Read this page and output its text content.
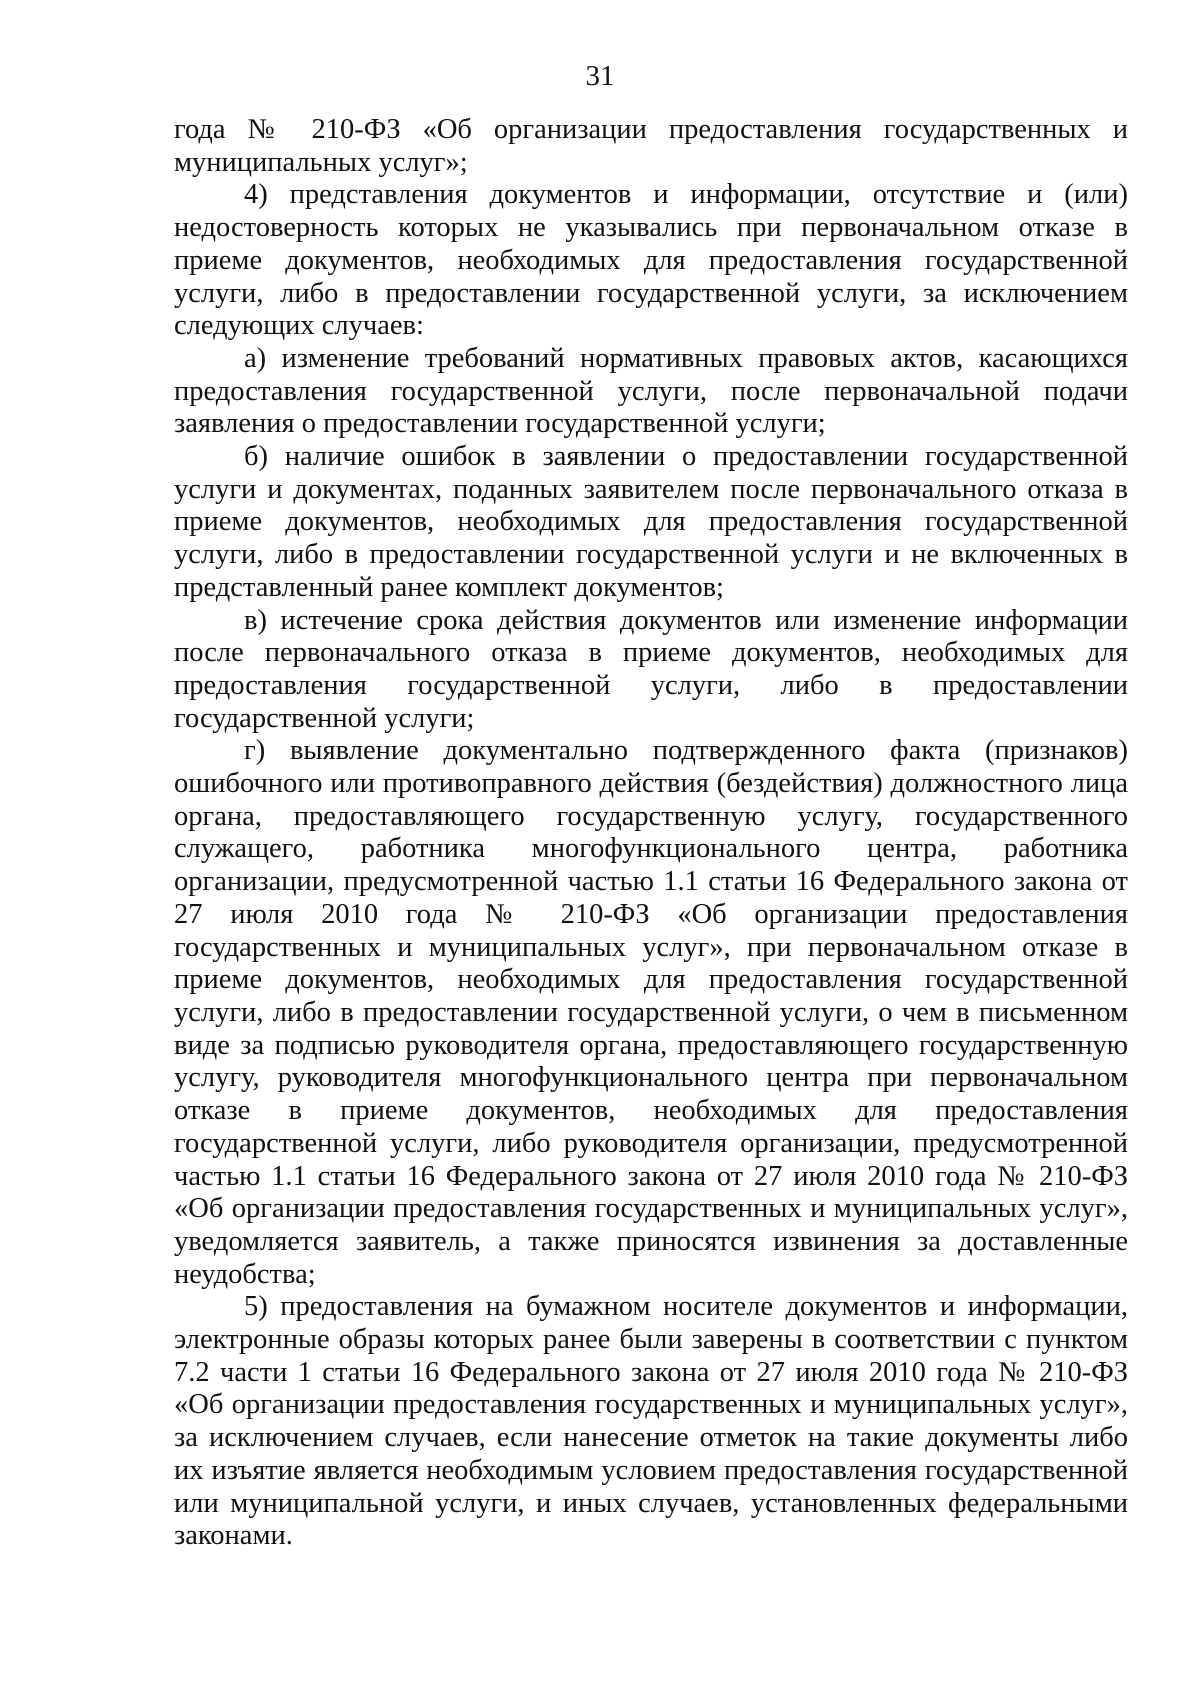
31

года № 210-ФЗ «Об организации предоставления государственных и муниципальных услуг»;

4) представления документов и информации, отсутствие и (или) недостоверность которых не указывались при первоначальном отказе в приеме документов, необходимых для предоставления государственной услуги, либо в предоставлении государственной услуги, за исключением следующих случаев:

а) изменение требований нормативных правовых актов, касающихся предоставления государственной услуги, после первоначальной подачи заявления о предоставлении государственной услуги;

б) наличие ошибок в заявлении о предоставлении государственной услуги и документах, поданных заявителем после первоначального отказа в приеме документов, необходимых для предоставления государственной услуги, либо в предоставлении государственной услуги и не включенных в представленный ранее комплект документов;

в) истечение срока действия документов или изменение информации после первоначального отказа в приеме документов, необходимых для предоставления государственной услуги, либо в предоставлении государственной услуги;

г) выявление документально подтвержденного факта (признаков) ошибочного или противоправного действия (бездействия) должностного лица органа, предоставляющего государственную услугу, государственного служащего, работника многофункционального центра, работника организации, предусмотренной частью 1.1 статьи 16 Федерального закона от 27 июля 2010 года № 210-ФЗ «Об организации предоставления государственных и муниципальных услуг», при первоначальном отказе в приеме документов, необходимых для предоставления государственной услуги, либо в предоставлении государственной услуги, о чем в письменном виде за подписью руководителя органа, предоставляющего государственную услугу, руководителя многофункционального центра при первоначальном отказе в приеме документов, необходимых для предоставления государственной услуги, либо руководителя организации, предусмотренной частью 1.1 статьи 16 Федерального закона от 27 июля 2010 года № 210-ФЗ «Об организации предоставления государственных и муниципальных услуг», уведомляется заявитель, а также приносятся извинения за доставленные неудобства;

5) предоставления на бумажном носителе документов и информации, электронные образы которых ранее были заверены в соответствии с пунктом 7.2 части 1 статьи 16 Федерального закона от 27 июля 2010 года № 210-ФЗ «Об организации предоставления государственных и муниципальных услуг», за исключением случаев, если нанесение отметок на такие документы либо их изъятие является необходимым условием предоставления государственной или муниципальной услуги, и иных случаев, установленных федеральными законами.
